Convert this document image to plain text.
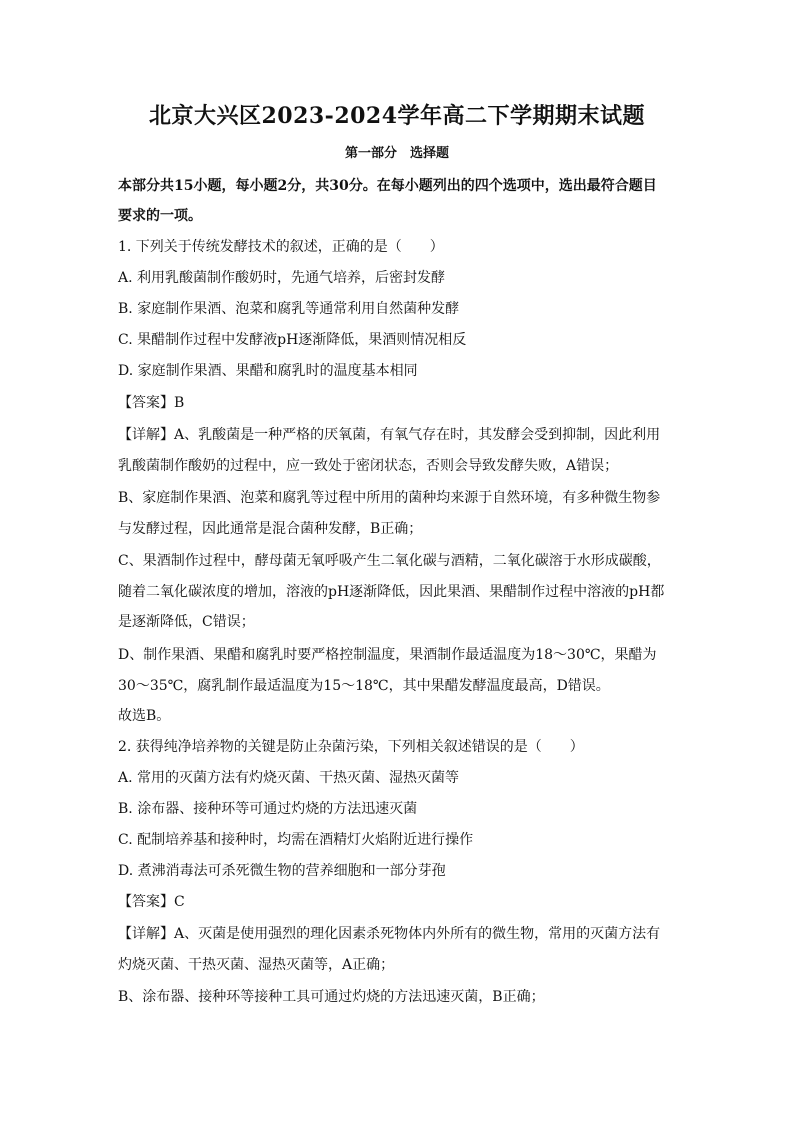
北京大兴区2023-2024学年高二下学期期末试题
第一部分　选择题
本部分共15小题，每小题2分，共30分。在每小题列出的四个选项中，选出最符合题目
要求的一项。
1. 下列关于传统发酵技术的叙述，正确的是（　　）
A. 利用乳酸菌制作酸奶时，先通气培养，后密封发酵
B. 家庭制作果酒、泡菜和腐乳等通常利用自然菌种发酵
C. 果醋制作过程中发酵液pH逐渐降低，果酒则情况相反
D. 家庭制作果酒、果醋和腐乳时的温度基本相同
【答案】B
【详解】A、乳酸菌是一种严格的厌氧菌，有氧气存在时，其发酵会受到抑制，因此利用
乳酸菌制作酸奶的过程中，应一致处于密闭状态，否则会导致发酵失败，A错误；
B、家庭制作果酒、泡菜和腐乳等过程中所用的菌种均来源于自然环境，有多种微生物参
与发酵过程，因此通常是混合菌种发酵，B正确；
C、果酒制作过程中，酵母菌无氧呼吸产生二氧化碳与酒精，二氧化碳溶于水形成碳酸，
随着二氧化碳浓度的增加，溶液的pH逐渐降低，因此果酒、果醋制作过程中溶液的pH都
是逐渐降低，C错误；
D、制作果酒、果醋和腐乳时要严格控制温度，果酒制作最适温度为18～30℃，果醋为
30～35℃，腐乳制作最适温度为15～18℃，其中果醋发酵温度最高，D错误。
故选B。
2. 获得纯净培养物的关键是防止杂菌污染，下列相关叙述错误的是（　　）
A. 常用的灭菌方法有灼烧灭菌、干热灭菌、湿热灭菌等
B. 涂布器、接种环等可通过灼烧的方法迅速灭菌
C. 配制培养基和接种时，均需在酒精灯火焰附近进行操作
D. 煮沸消毒法可杀死微生物的营养细胞和一部分芽孢
【答案】C
【详解】A、灭菌是使用强烈的理化因素杀死物体内外所有的微生物，常用的灭菌方法有
灼烧灭菌、干热灭菌、湿热灭菌等，A正确；
B、涂布器、接种环等接种工具可通过灼烧的方法迅速灭菌，B正确；
